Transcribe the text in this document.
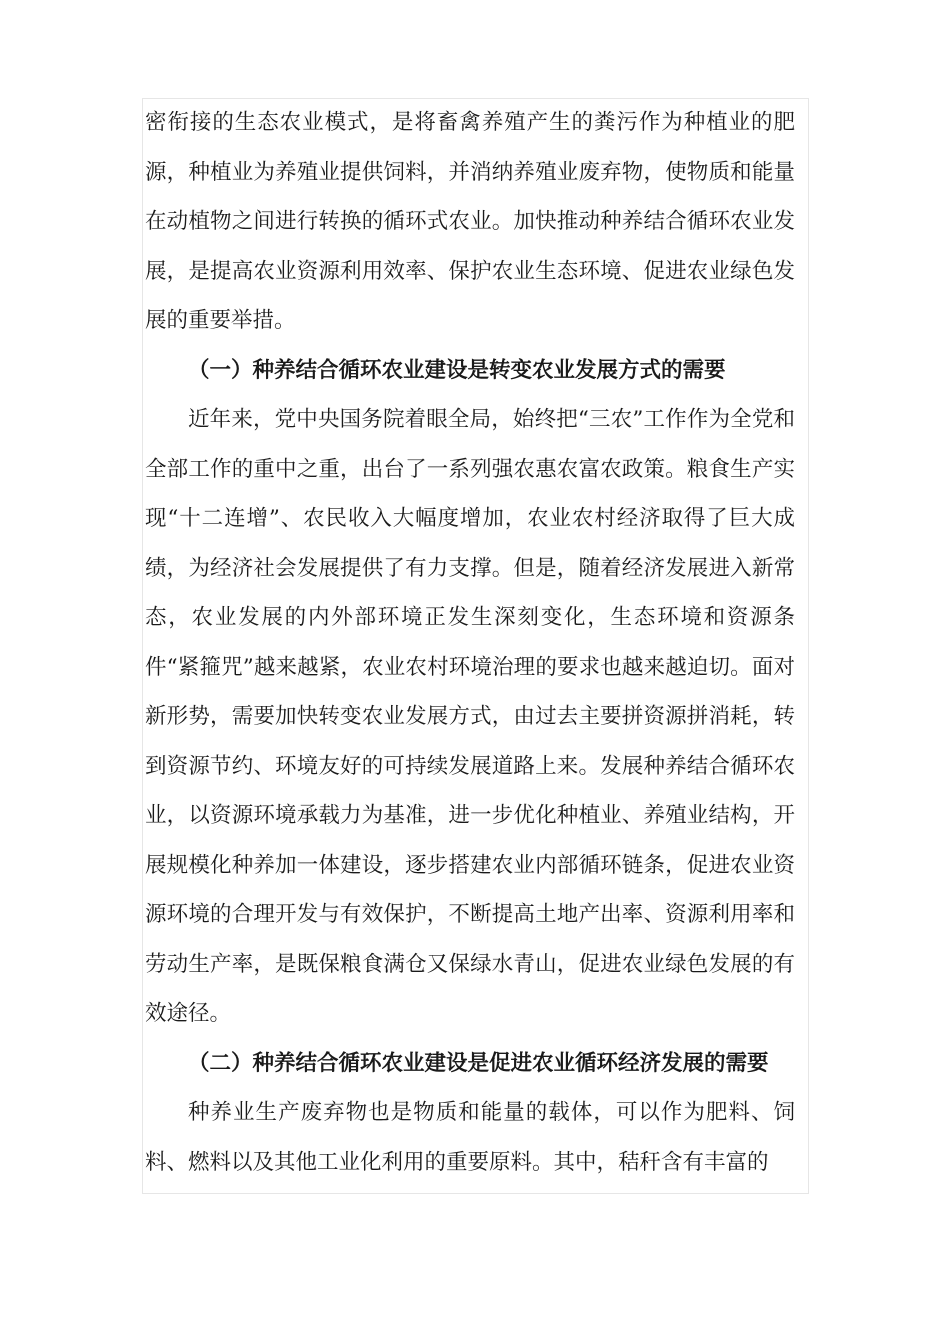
密衔接的生态农业模式，是将畜禽养殖产生的粪污作为种植业的肥源，种植业为养殖业提供饲料，并消纳养殖业废弃物，使物质和能量在动植物之间进行转换的循环式农业。加快推动种养结合循环农业发展，是提高农业资源利用效率、保护农业生态环境、促进农业绿色发展的重要举措。

（一）种养结合循环农业建设是转变农业发展方式的需要

近年来，党中央国务院着眼全局，始终把“三农”工作作为全党和全部工作的重中之重，出台了一系列强农惠农富农政策。粮食生产实现“十二连增”、农民收入大幅度增加，农业农村经济取得了巨大成绩，为经济社会发展提供了有力支撑。但是，随着经济发展进入新常态，农业发展的内外部环境正发生深刻变化，生态环境和资源条件“紧箍咒”越来越紧，农业农村环境治理的要求也越来越迫切。面对新形势，需要加快转变农业发展方式，由过去主要拼资源拼消耗，转到资源节约、环境友好的可持续发展道路上来。发展种养结合循环农业，以资源环境承载力为基准，进一步优化种植业、养殖业结构，开展规模化种养加一体建设，逐步搭建农业内部循环链条，促进农业资源环境的合理开发与有效保护，不断提高土地产出率、资源利用率和劳动生产率，是既保粮食满仓又保绿水青山，促进农业绿色发展的有效途径。

（二）种养结合循环农业建设是促进农业循环经济发展的需要

种养业生产废弃物也是物质和能量的载体，可以作为肥料、饲料、燃料以及其他工业化利用的重要原料。其中，秸秆含有丰富的
